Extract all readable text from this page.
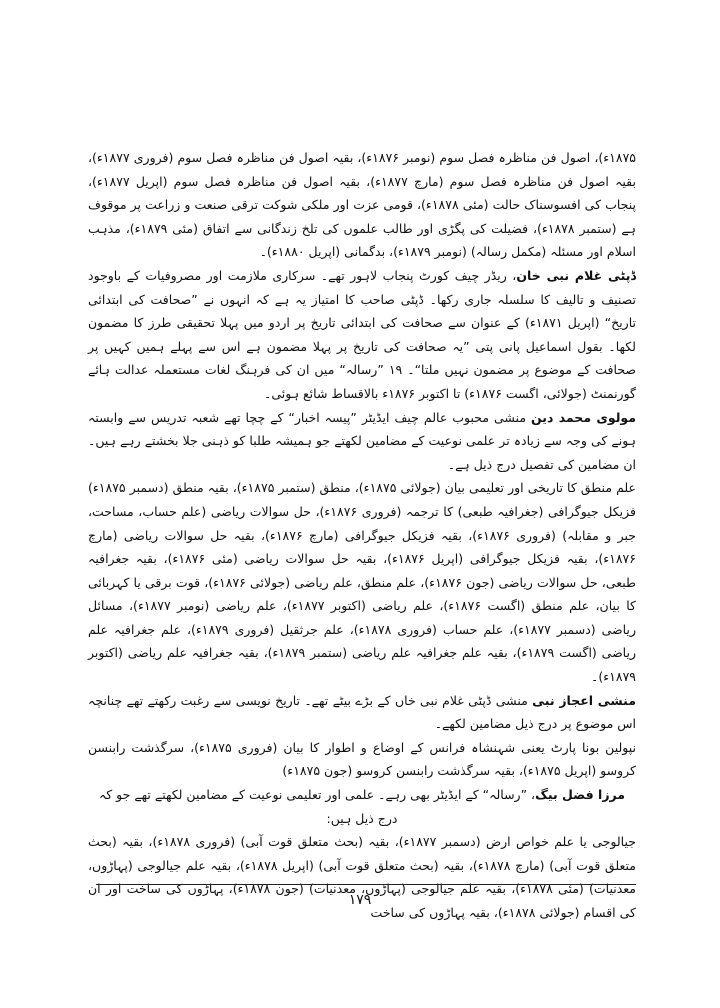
۱۸۷۵ء)، اصول فن مناظرہ فصل سوم (نومبر ۱۸۷۶ء)، بقیہ اصول فن مناظرہ فصل سوم (فروری ۱۸۷۷ء)، بقیہ اصول فن مناظرہ فصل سوم (مارچ ۱۸۷۷ء)، بقیہ اصول فن مناظرہ فصل سوم (اپریل ۱۸۷۷ء)، پنجاب کی افسوسناک حالت (مئی ۱۸۷۸ء)، قومی عزت اور ملکی شوکت ترقی صنعت و زراعت پر موقوف ہے (ستمبر ۱۸۷۸ء)، فضیلت کی پگڑی اور طالب علموں کی تلخ زندگانی سے اتفاق (مئی ۱۸۷۹ء)، مذہب اسلام اور مسئلہ (مکمل رسالہ) (نومبر ۱۸۷۹ء)، بدگمانی (اپریل ۱۸۸۰ء)۔

ڈپٹی غلام نبی خان، ریڈر چیف کورٹ پنجاب لاہور تھے۔ سرکاری ملازمت اور مصروفیات کے باوجود تصنیف و تالیف کا سلسلہ جاری رکھا۔ ڈپٹی صاحب کا امتیاز یہ ہے کہ انہوں نے ”صحافت کی ابتدائی تاریخ“ (اپریل ۱۸۷۱ء) کے عنوان سے صحافت کی ابتدائی تاریخ پر اردو میں پہلا تحقیقی طرز کا مضمون لکھا۔ بقول اسماعیل پانی پتی ”یہ صحافت کی تاریخ پر پہلا مضمون ہے اس سے پہلے ہمیں کہیں پر صحافت کے موضوع پر مضمون نہیں ملتا“۔ ۱۹ ”رسالہ“ میں ان کی فرہنگ لغات مستعملہ عدالت ہائے گورنمنٹ (جولائی، اگست ۱۸۷۶ء) تا اکتوبر ۱۸۷۶ء بالاقساط شائع ہوئی۔

مولوی محمد دین منشی محبوب عالم چیف ایڈیٹر ”پیسہ اخبار“ کے چچا تھے شعبہ تدریس سے وابستہ ہونے کی وجہ سے زیادہ تر علمی نوعیت کے مضامین لکھتے جو ہمیشہ طلبا کو ذہنی جلا بخشتے رہے ہیں۔ ان مضامین کی تفصیل درج ذیل ہے۔

علم منطق کا تاریخی اور تعلیمی بیان (جولائی ۱۸۷۵ء)، منطق (ستمبر ۱۸۷۵ء)، بقیہ منطق (دسمبر ۱۸۷۵ء) فزیکل جیوگرافی (جغرافیہ طبعی) کا ترجمہ (فروری ۱۸۷۶ء)، حل سوالات ریاضی (علم حساب، مساحت، جبر و مقابلہ) (فروری ۱۸۷۶ء)، بقیہ فزیکل جیوگرافی (مارچ ۱۸۷۶ء)، بقیہ حل سوالات ریاضی (مارچ ۱۸۷۶ء)، بقیہ فزیکل جیوگرافی (اپریل ۱۸۷۶ء)، بقیہ حل سوالات ریاضی (مئی ۱۸۷۶ء)، بقیہ جغرافیہ طبعی، حل سوالات ریاضی (جون ۱۸۷۶ء)، علم منطق، علم ریاضی (جولائی ۱۸۷۶ء)، قوت برقی یا کہربائی کا بیان، علم منطق (اگست ۱۸۷۶ء)، علم ریاضی (اکتوبر ۱۸۷۷ء)، علم ریاضی (نومبر ۱۸۷۷ء)، مسائل ریاضی (دسمبر ۱۸۷۷ء)، علم حساب (فروری ۱۸۷۸ء)، علم جرثقیل (فروری ۱۸۷۹ء)، علم جغرافیہ علم ریاضی (اگست ۱۸۷۹ء)، بقیہ علم جغرافیہ علم ریاضی (ستمبر ۱۸۷۹ء)، بقیہ جغرافیہ علم ریاضی (اکتوبر ۱۸۷۹ء)۔

منشی اعجاز نبی منشی ڈپٹی غلام نبی خاں کے بڑے بیٹے تھے۔ تاریخ نویسی سے رغبت رکھتے تھے چنانچہ اس موضوع پر درج ذیل مضامین لکھے۔

نپولین بونا پارٹ یعنی شہنشاہ فرانس کے اوضاع و اطوار کا بیان (فروری ۱۸۷۵ء)، سرگذشت رابنسن کروسو (اپریل ۱۸۷۵ء)، بقیہ سرگذشت رابنسن کروسو (جون ۱۸۷۵ء)

مرزا فضل بیگ، ”رسالہ“ کے ایڈیٹر بھی رہے۔ علمی اور تعلیمی نوعیت کے مضامین لکھتے تھے جو کہ درج ذیل ہیں:

جیالوجی یا علم خواص ارض (دسمبر ۱۸۷۷ء)، بقیہ (بحث متعلق قوت آبی) (فروری ۱۸۷۸ء)، بقیہ (بحث متعلق قوت آبی) (مارچ ۱۸۷۸ء)، بقیہ (بحث متعلق قوت آبی) (اپریل ۱۸۷۸ء)، بقیہ علم جیالوجی (پہاڑوں، معدنیات) (مئی ۱۸۷۸ء)، بقیہ علم جیالوجی (پہاڑوں، معدنیات) (جون ۱۸۷۸ء)، پہاڑوں کی ساخت اور ان کی اقسام (جولائی ۱۸۷۸ء)، بقیہ پہاڑوں کی ساخت

۱۷۹
